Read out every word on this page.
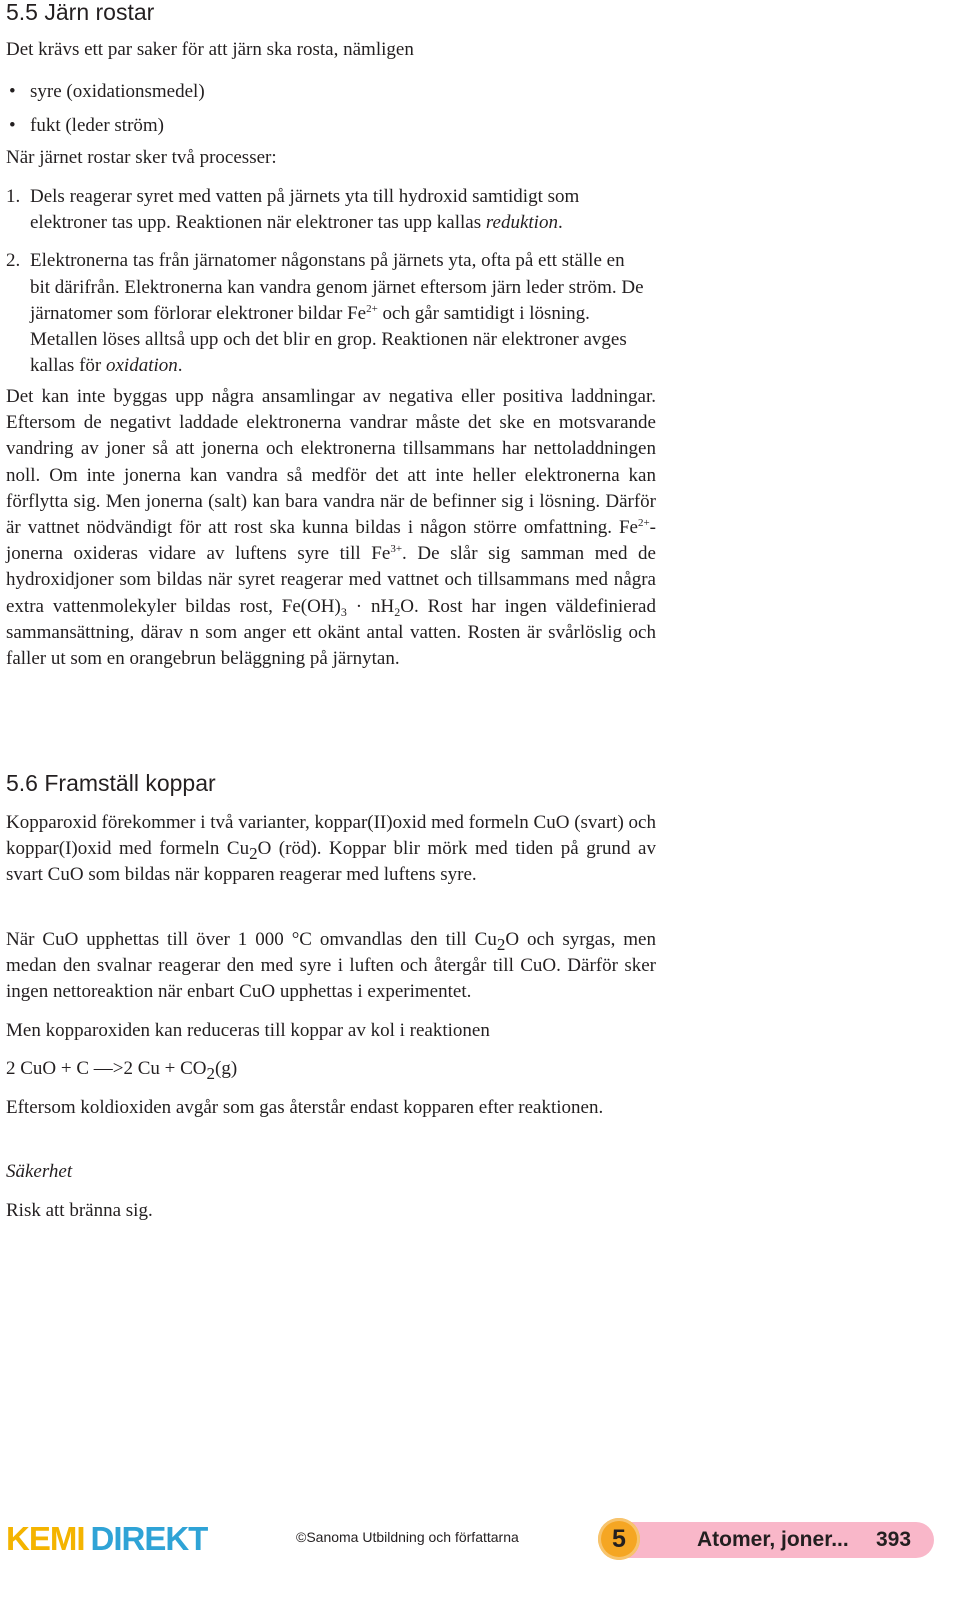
5.5 Järn rostar

Det krävs ett par saker för att järn ska rosta, nämligen

• syre (oxidationsmedel)
• fukt (leder ström)

När järnet rostar sker två processer:

1. Dels reagerar syret med vatten på järnets yta till hydroxid samtidigt som elektroner tas upp. Reaktionen när elektroner tas upp kallas reduktion.
2. Elektronerna tas från järnatomer någonstans på järnets yta, ofta på ett ställe en bit därifrån. Elektronerna kan vandra genom järnet eftersom järn leder ström. De järnatomer som förlorar elektroner bildar $Fe^{2+}$ och går samtidigt i lösning. Metallen löses alltså upp och det blir en grop. Reaktionen när elektroner avges kallas för oxidation.

Det kan inte byggas upp några ansamlingar av negativa eller positiva laddningar. Eftersom de negativt laddade elektronerna vandrar måste det ske en motsvarande vandring av joner så att jonerna och elektronerna tillsammans har nettoladdningen noll. Om inte jonerna kan vandra så medför det att inte heller elektronerna kan förflytta sig. Men jonerna (salt) kan bara vandra när de befinner sig i lösning. Därför är vattnet nödvändigt för att rost ska kunna bildas i någon större omfattning. $Fe^{2+}$-jonerna oxideras vidare av luftens syre till $Fe^{3+}$. De slår sig samman med de hydroxidjoner som bildas när syret reagerar med vattnet och tillsammans med några extra vattenmolekyler bildas rost, $Fe(OH)_3 \cdot nH_2O$. Rost har ingen väldefinierad sammansättning, därav n som anger ett okänt antal vatten. Rosten är svårlöslig och faller ut som en orangebrun beläggning på järnytan.

5.6 Framställ koppar

Kopparoxid förekommer i två varianter, koppar(II)oxid med formeln CuO (svart) och koppar(I)oxid med formeln $Cu_2O$ (röd). Koppar blir mörk med tiden på grund av svart CuO som bildas när kopparen reagerar med luftens syre.

När CuO upphettas till över 1 000 °C omvandlas den till $Cu_2O$ och syrgas, men medan den svalnar reagerar den med syre i luften och återgår till CuO. Därför sker ingen nettoreaktion när enbart CuO upphettas i experimentet.

Men kopparoxiden kan reduceras till koppar av kol i reaktionen

2 CuO + C —>2 $Cu + CO_2(g)$

Eftersom koldioxiden avgår som gas återstår endast kopparen efter reaktionen.

Säkerhet

Risk att bränna sig.

KEMI DIREKT	©Sanoma Utbildning och författarna	5	Atomer, joner... 393
